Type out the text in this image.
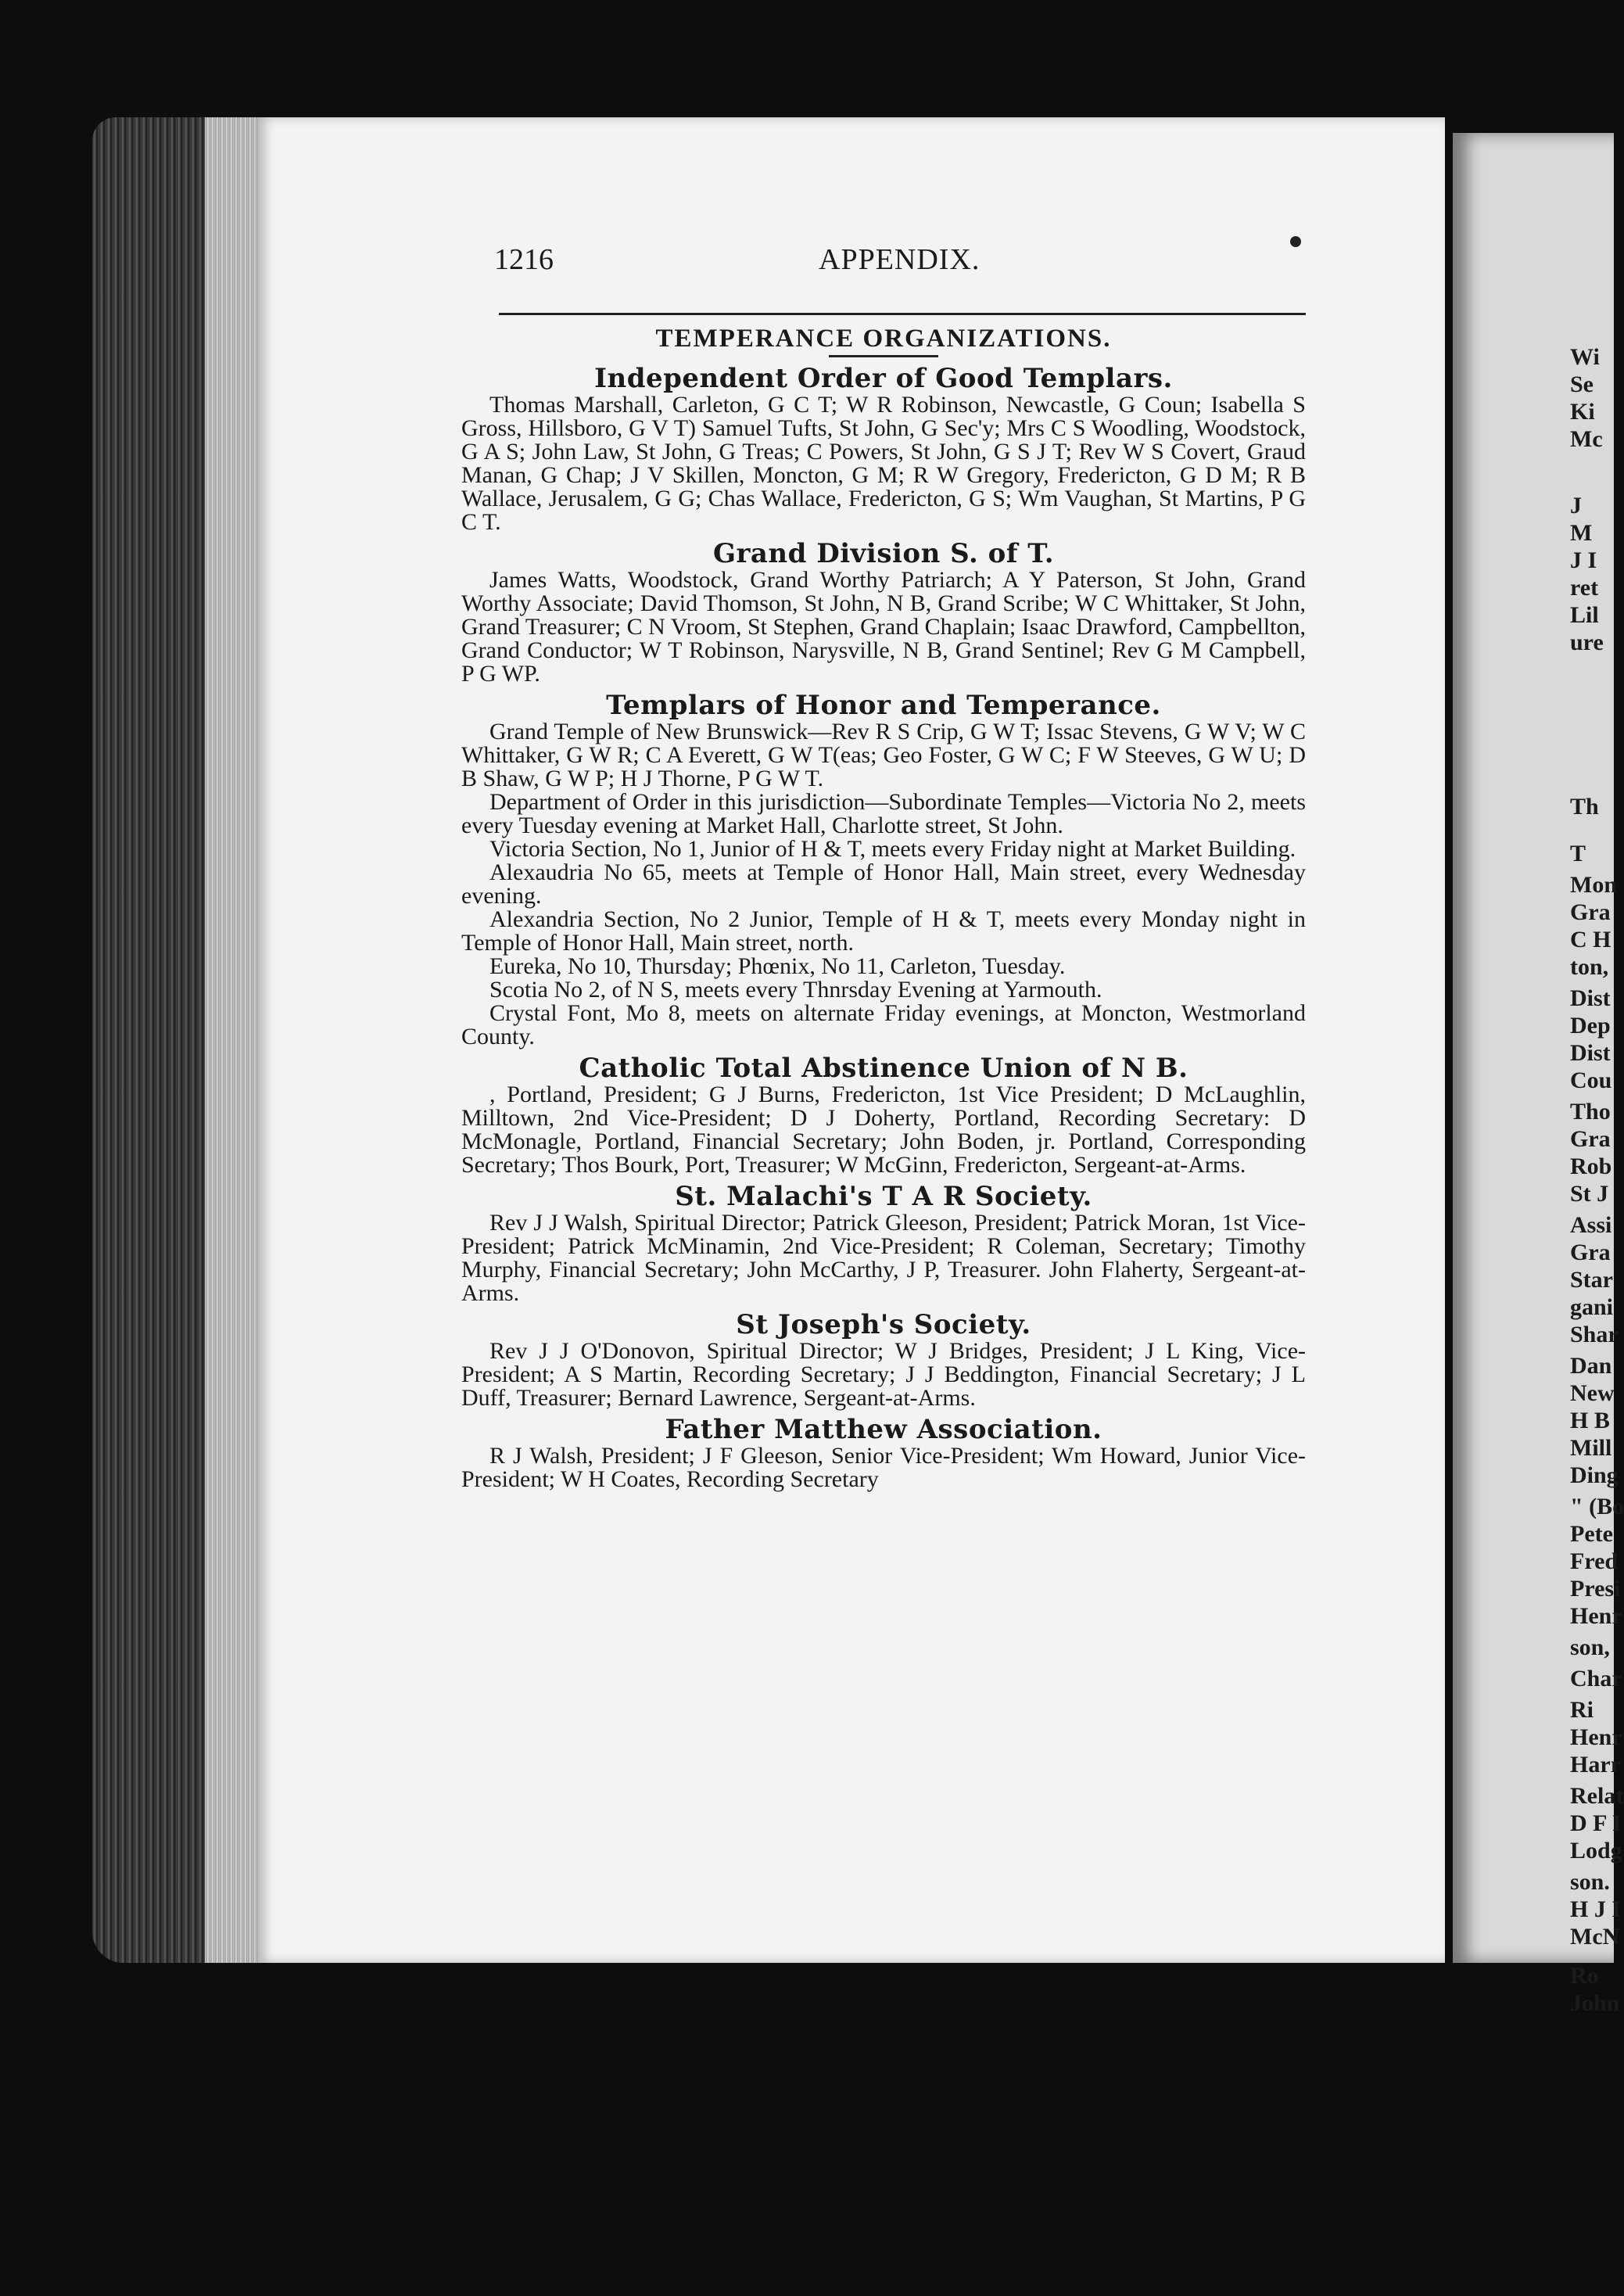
Wi
Se
Ki
Mc
J
M
J I
ret
Lil
ure
Th
T
Mon
Gra
C H
ton,
Dist
Dep
Dist
Cou
Tho
Gra
Rob
St J
Assi
Gra
Star
gani
Shar
Dan
New
H B
Mill
Ding
" (Bo
Pete
Fred
Presi
Henr
son,
Char
Ri
Henr
Harr
Relat
D F I
Lodg
son.
H J I
McN
Ro
John
1216	APPENDIX.
TEMPERANCE ORGANIZATIONS.
Independent Order of Good Templars.

Thomas Marshall, Carleton, G C T; W R Robinson, Newcastle, G Coun; Isabella S Gross, Hillsboro, G V T) Samuel Tufts, St John, G Sec'y; Mrs C S Woodling, Woodstock, G A S; John Law, St John, G Treas; C Powers, St John, G S J T; Rev W S Covert, Graud Manan, G Chap; J V Skillen, Moncton, G M; R W Gregory, Fredericton, G D M; R B Wallace, Jerusalem, G G; Chas Wallace, Fredericton, G S; Wm Vaughan, St Martins, P G C T.

Grand Division S. of T.

James Watts, Woodstock, Grand Worthy Patriarch; A Y Paterson, St John, Grand Worthy Associate; David Thomson, St John, N B, Grand Scribe; W C Whittaker, St John, Grand Treasurer; C N Vroom, St Stephen, Grand Chaplain; Isaac Drawford, Campbellton, Grand Conductor; W T Robinson, Narysville, N B, Grand Sentinel; Rev G M Campbell, P G WP.

Templars of Honor and Temperance.

Grand Temple of New Brunswick—Rev R S Crip, G W T; Issac Stevens, G W V; W C Whittaker, G W R; C A Everett, G W T(eas; Geo Foster, G W C; F W Steeves, G W U; D B Shaw, G W P; H J Thorne, P G W T.

Department of Order in this jurisdiction—Subordinate Temples—Victoria No 2, meets every Tuesday evening at Market Hall, Charlotte street, St John.

Victoria Section, No 1, Junior of H & T, meets every Friday night at Market Building.

Alexaudria No 65, meets at Temple of Honor Hall, Main street, every Wednesday evening.

Alexandria Section, No 2 Junior, Temple of H & T, meets every Monday night in Temple of Honor Hall, Main street, north.

Eureka, No 10, Thursday; Phœnix, No 11, Carleton, Tuesday.

Scotia No 2, of N S, meets every Thnrsday Evening at Yarmouth.

Crystal Font, Mo 8, meets on alternate Friday evenings, at Moncton, Westmorland County.

Catholic Total Abstinence Union of N B.

, Portland, President; G J Burns, Fredericton, 1st Vice President; D McLaughlin, Milltown, 2nd Vice-President; D J Doherty, Portland, Recording Secretary: D McMonagle, Portland, Financial Secretary; John Boden, jr. Portland, Corresponding Secretary; Thos Bourk, Port, Treasurer; W McGinn, Fredericton, Sergeant-at-Arms.

St. Malachi's T A R Society.

Rev J J Walsh, Spiritual Director; Patrick Gleeson, President; Patrick Moran, 1st Vice-President; Patrick McMinamin, 2nd Vice-President; R Coleman, Secretary; Timothy Murphy, Financial Secretary; John McCarthy, J P, Treasurer. John Flaherty, Sergeant-at-Arms.

St Joseph's Society.

Rev J J O'Donovon, Spiritual Director; W J Bridges, President; J L King, Vice-President; A S Martin, Recording Secretary; J J Beddington, Financial Secretary; J L Duff, Treasurer; Bernard Lawrence, Sergeant-at-Arms.

Father Matthew Association.

R J Walsh, President; J F Gleeson, Senior Vice-President; Wm Howard, Junior Vice-President; W H Coates, Recording Secretary
